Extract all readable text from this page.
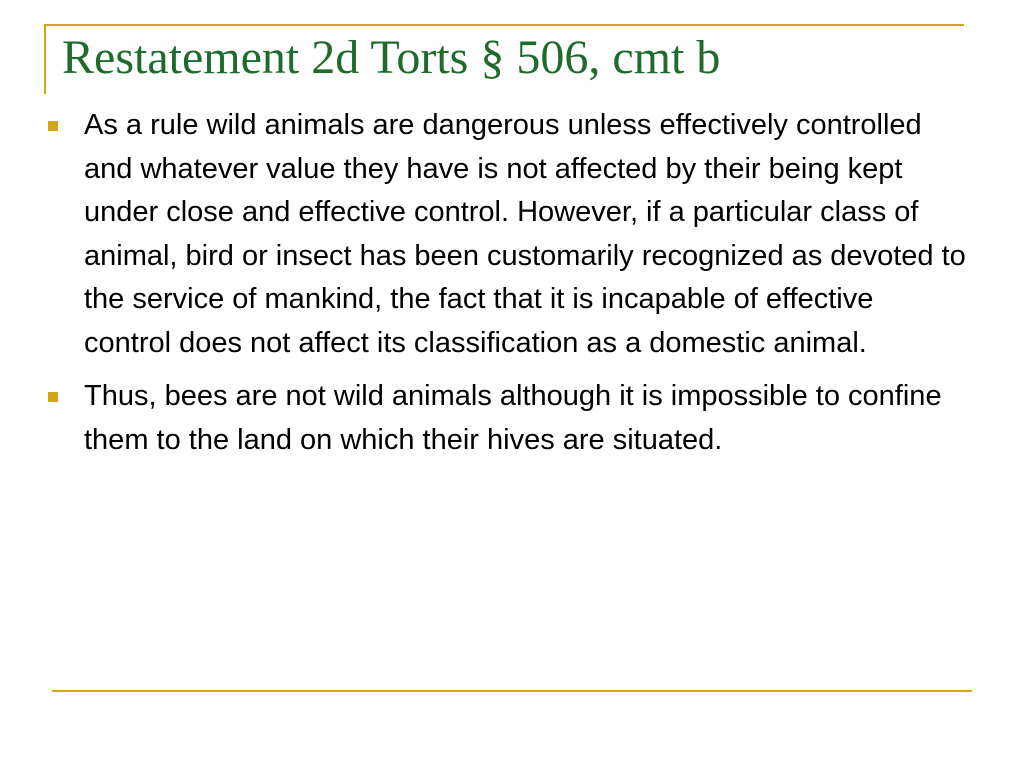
Restatement 2d Torts § 506, cmt b
As a rule wild animals are dangerous unless effectively controlled and whatever value they have is not affected by their being kept under close and effective control. However, if a particular class of animal, bird or insect has been customarily recognized as devoted to the service of mankind, the fact that it is incapable of effective control does not affect its classification as a domestic animal.
Thus, bees are not wild animals although it is impossible to confine them to the land on which their hives are situated.
